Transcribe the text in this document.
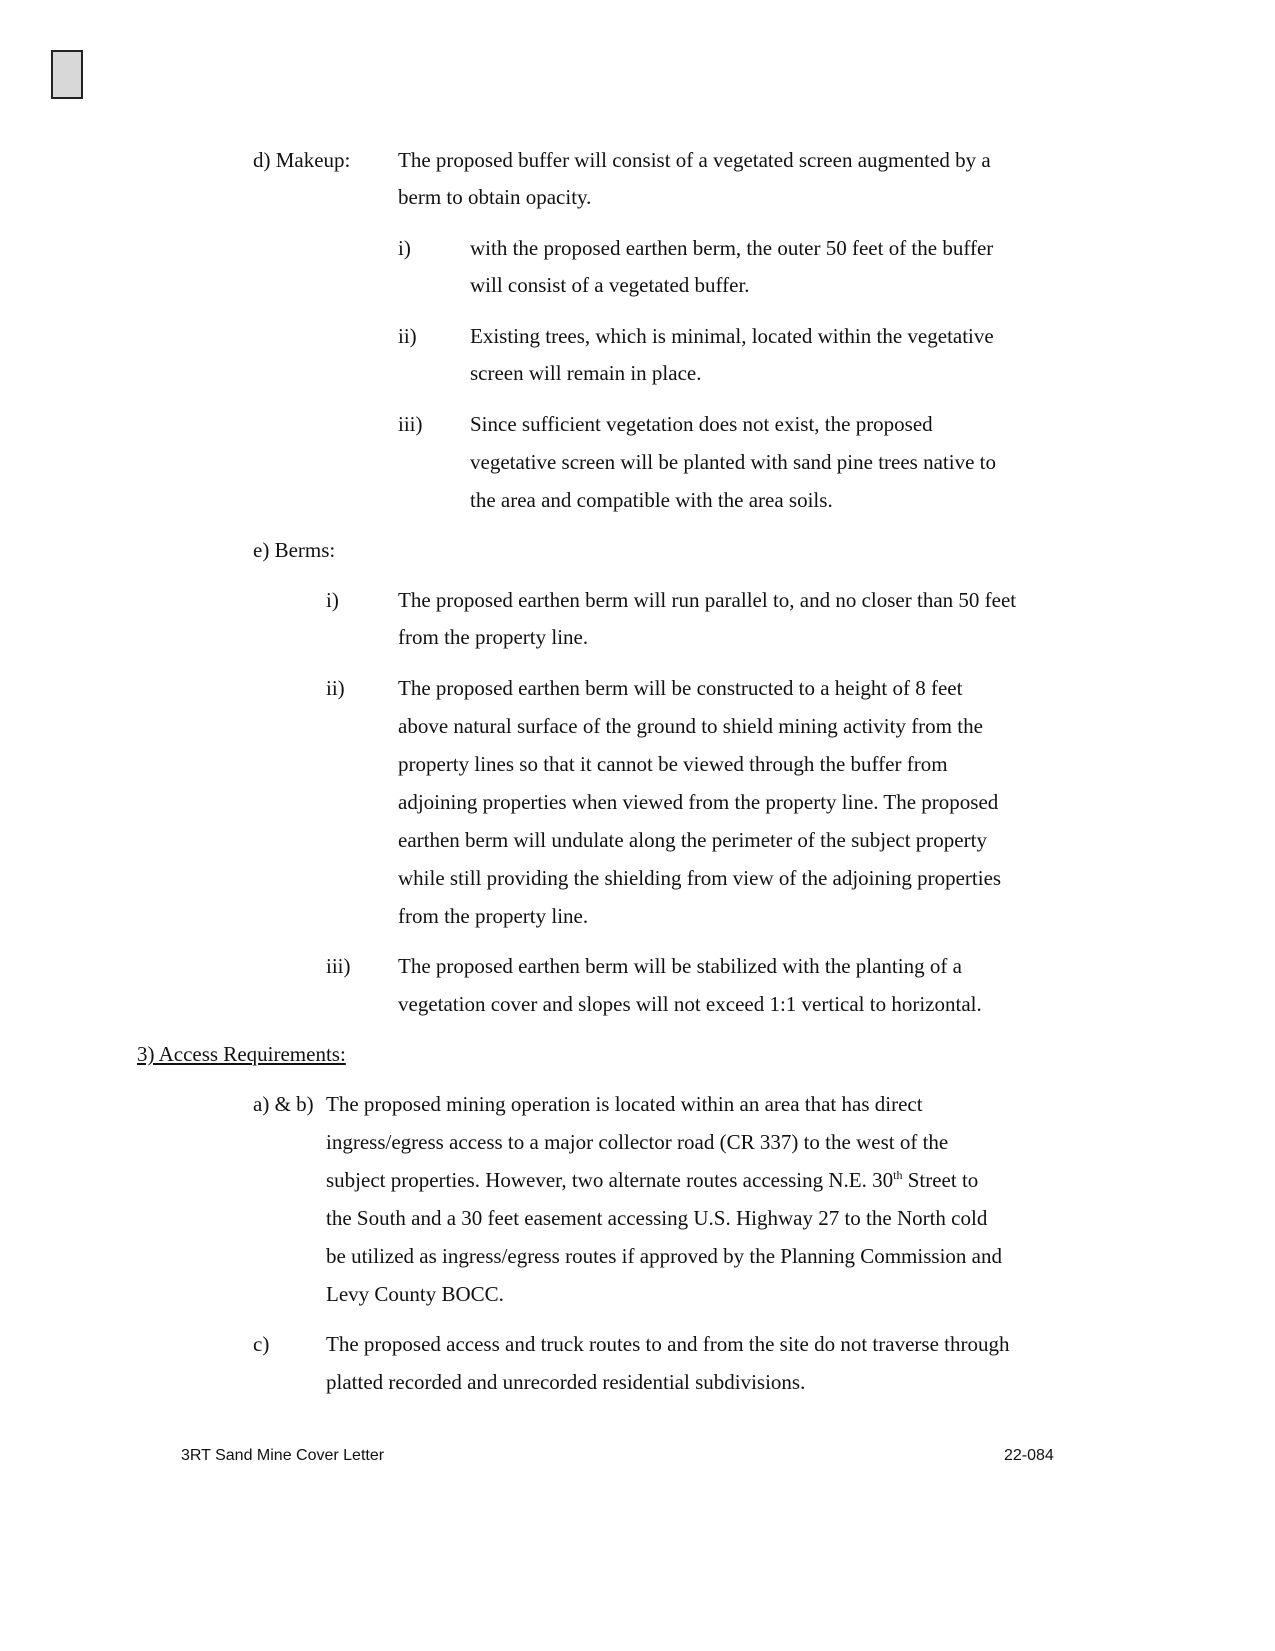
d) Makeup: The proposed buffer will consist of a vegetated screen augmented by a
berm to obtain opacity.
i)	with the proposed earthen berm, the outer 50 feet of the buffer
will consist of a vegetated buffer.
ii)	Existing trees, which is minimal, located within the vegetative
screen will remain in place.
iii) Since sufficient vegetation does not exist, the proposed
vegetative screen will be planted with sand pine trees native to
the area and compatible with the area soils.
e) Berms:
i)	The proposed earthen berm will run parallel to, and no closer than 50 feet
from the property line.
ii)	The proposed earthen berm will be constructed to a height of 8 feet
above natural surface of the ground to shield mining activity from the
property lines so that it cannot be viewed through the buffer from
adjoining properties when viewed from the property line. The proposed
earthen berm will undulate along the perimeter of the subject property
while still providing the shielding from view of the adjoining properties
from the property line.
iii) The proposed earthen berm will be stabilized with the planting of a
vegetation cover and slopes will not exceed 1:1 vertical to horizontal.
3) Access Requirements:
a) & b) The proposed mining operation is located within an area that has direct
ingress/egress access to a major collector road (CR 337) to the west of the
subject properties. However, two alternate routes accessing N.E. 30th Street to
the South and a 30 feet easement accessing U.S. Highway 27 to the North cold
be utilized as ingress/egress routes if approved by the Planning Commission and
Levy County BOCC.
c)	The proposed access and truck routes to and from the site do not traverse through
platted recorded and unrecorded residential subdivisions.
3RT Sand Mine Cover Letter	22-084
